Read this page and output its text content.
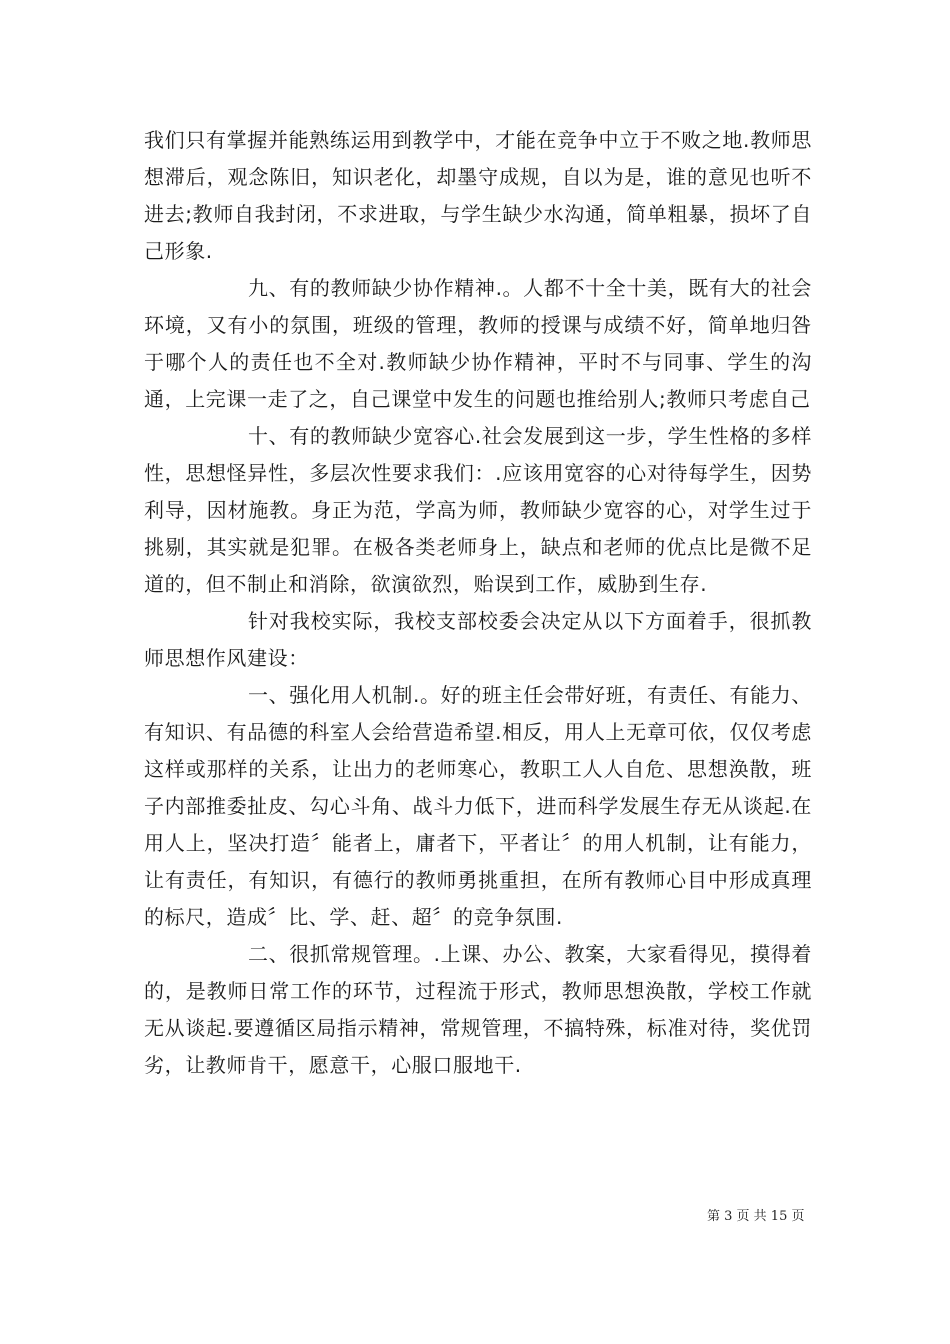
我们只有掌握并能熟练运用到教学中，才能在竞争中立于不败之地.教师思想滞后，观念陈旧，知识老化，却墨守成规，自以为是，谁的意见也听不进去;教师自我封闭，不求进取，与学生缺少水沟通，简单粗暴，损坏了自己形象.

九、有的教师缺少协作精神.。人都不十全十美，既有大的社会环境，又有小的氛围，班级的管理，教师的授课与成绩不好，简单地归咎于哪个人的责任也不全对.教师缺少协作精神，平时不与同事、学生的沟通，上完课一走了之，自己课堂中发生的问题也推给别人;教师只考虑自己

十、有的教师缺少宽容心.社会发展到这一步，学生性格的多样性，思想怪异性，多层次性要求我们：.应该用宽容的心对待每学生，因势利导，因材施教。身正为范，学高为师，教师缺少宽容的心，对学生过于挑剔，其实就是犯罪。在极各类老师身上，缺点和老师的优点比是微不足道的，但不制止和消除，欲演欲烈，贻误到工作，威胁到生存.

针对我校实际，我校支部校委会决定从以下方面着手，很抓教师思想作风建设：

一、强化用人机制.。好的班主任会带好班，有责任、有能力、有知识、有品德的科室人会给营造希望.相反，用人上无章可依，仅仅考虑这样或那样的关系，让出力的老师寒心，教职工人人自危、思想涣散，班子内部推委扯皮、勾心斗角、战斗力低下，进而科学发展生存无从谈起.在用人上，坚决打造〞能者上，庸者下，平者让〞的用人机制，让有能力，让有责任，有知识，有德行的教师勇挑重担，在所有教师心目中形成真理的标尺，造成〞比、学、赶、超〞的竞争氛围.

二、很抓常规管理。.上课、办公、教案，大家看得见，摸得着的，是教师日常工作的环节，过程流于形式，教师思想涣散，学校工作就无从谈起.要遵循区局指示精神，常规管理，不搞特殊，标准对待，奖优罚劣，让教师肯干，愿意干，心服口服地干.

第 3 页 共 15 页
